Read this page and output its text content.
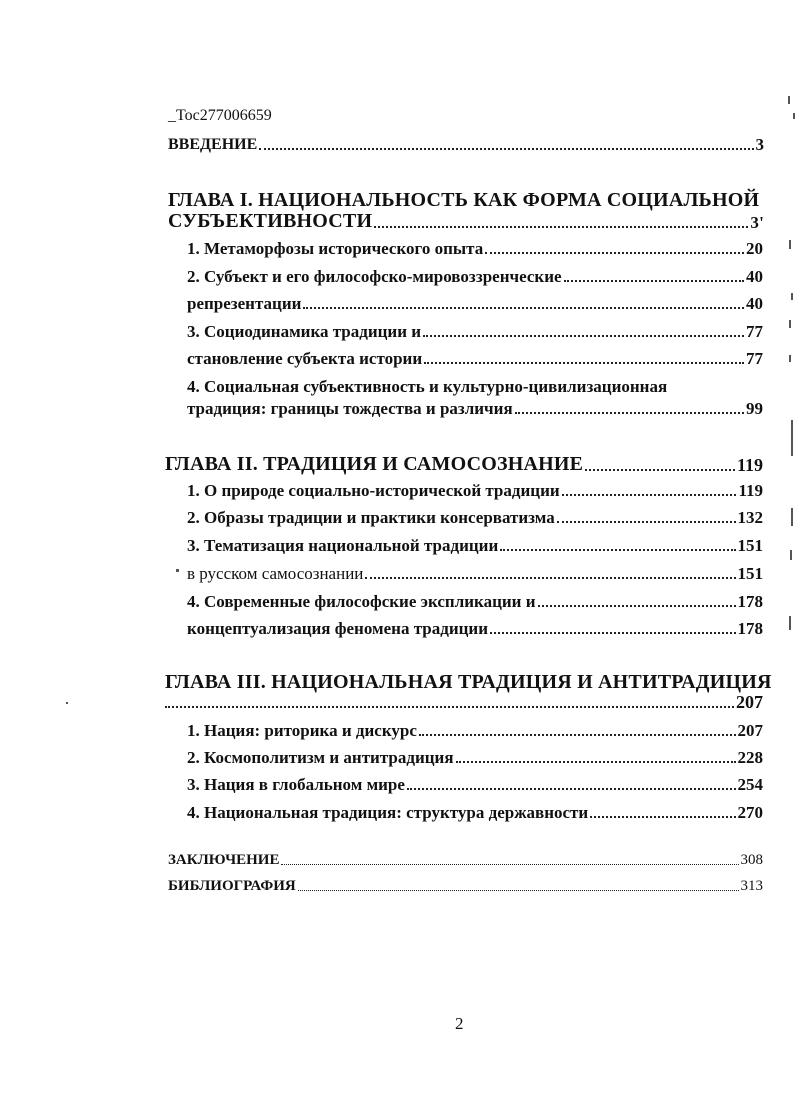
_Toc277006659
ВВЕДЕНИЕ	3
ГЛАВА I. НАЦИОНАЛЬНОСТЬ КАК ФОРМА СОЦИАЛЬНОЙ
СУБЪЕКТИВНОСТИ	3'
1. Метаморфозы исторического опыта	20
2. Субъект и его философско-мировоззренческие	40
репрезентации	40
3. Социодинамика традиции и	77
становление субъекта истории	77
4. Социальная субъективность и культурно-цивилизационная
традиция: границы тождества и различия	99
ГЛАВА II. ТРАДИЦИЯ И САМОСОЗНАНИЕ	119
1. О природе социально-исторической традиции	119
2. Образы традиции и практики консерватизма	132
3. Тематизация национальной традиции	151
в русском самосознании	151
4. Современные философские экспликации и	178
концептуализация феномена традиции	178
ГЛАВА III. НАЦИОНАЛЬНАЯ ТРАДИЦИЯ И АНТИТРАДИЦИЯ
207
1. Нация: риторика и дискурс	207
2. Космополитизм и антитрадиция	228
3. Нация в глобальном мире	254
4. Национальная традиция: структура державности	270
ЗАКЛЮЧЕНИЕ	308
БИБЛИОГРАФИЯ	313
2
